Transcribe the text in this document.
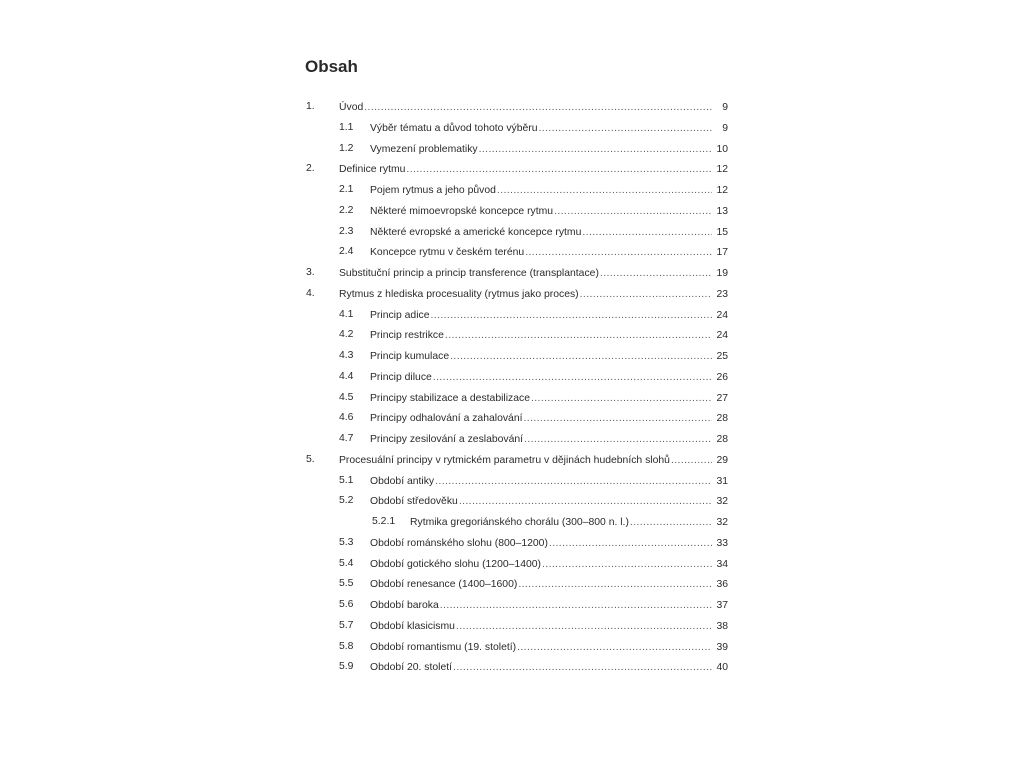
Obsah
1. Úvod .....	9
1.1 Výběr tématu a důvod tohoto výběru .....	9
1.2 Vymezení problematiky .....	10
2. Definice rytmu .....	12
2.1 Pojem rytmus a jeho původ .....	12
2.2 Některé mimoevropské koncepce rytmu .....	13
2.3 Některé evropské a americké koncepce rytmu .....	15
2.4 Koncepce rytmu v českém terénu .....	17
3. Substituční princip a princip transference (transplantace) .....	19
4. Rytmus z hlediska procesuality (rytmus jako proces) .....	23
4.1 Princip adice .....	24
4.2 Princip restrikce .....	24
4.3 Princip kumulace .....	25
4.4 Princip diluce .....	26
4.5 Principy stabilizace a destabilizace .....	27
4.6 Principy odhalování a zahalování .....	28
4.7 Principy zesilování a zeslabování .....	28
5. Procesuální principy v rytmickém parametru v dějinách hudebních slohů .....	29
5.1 Období antiky .....	31
5.2 Období středověku .....	32
5.2.1 Rytmika gregoriánského chorálu (300–800 n. l.) .....	32
5.3 Období románského slohu (800–1200) .....	33
5.4 Období gotického slohu (1200–1400) .....	34
5.5 Období renesance (1400–1600) .....	36
5.6 Období baroka .....	37
5.7 Období klasicismu .....	38
5.8 Období romantismu (19. století) .....	39
5.9 Období 20. století .....	40
